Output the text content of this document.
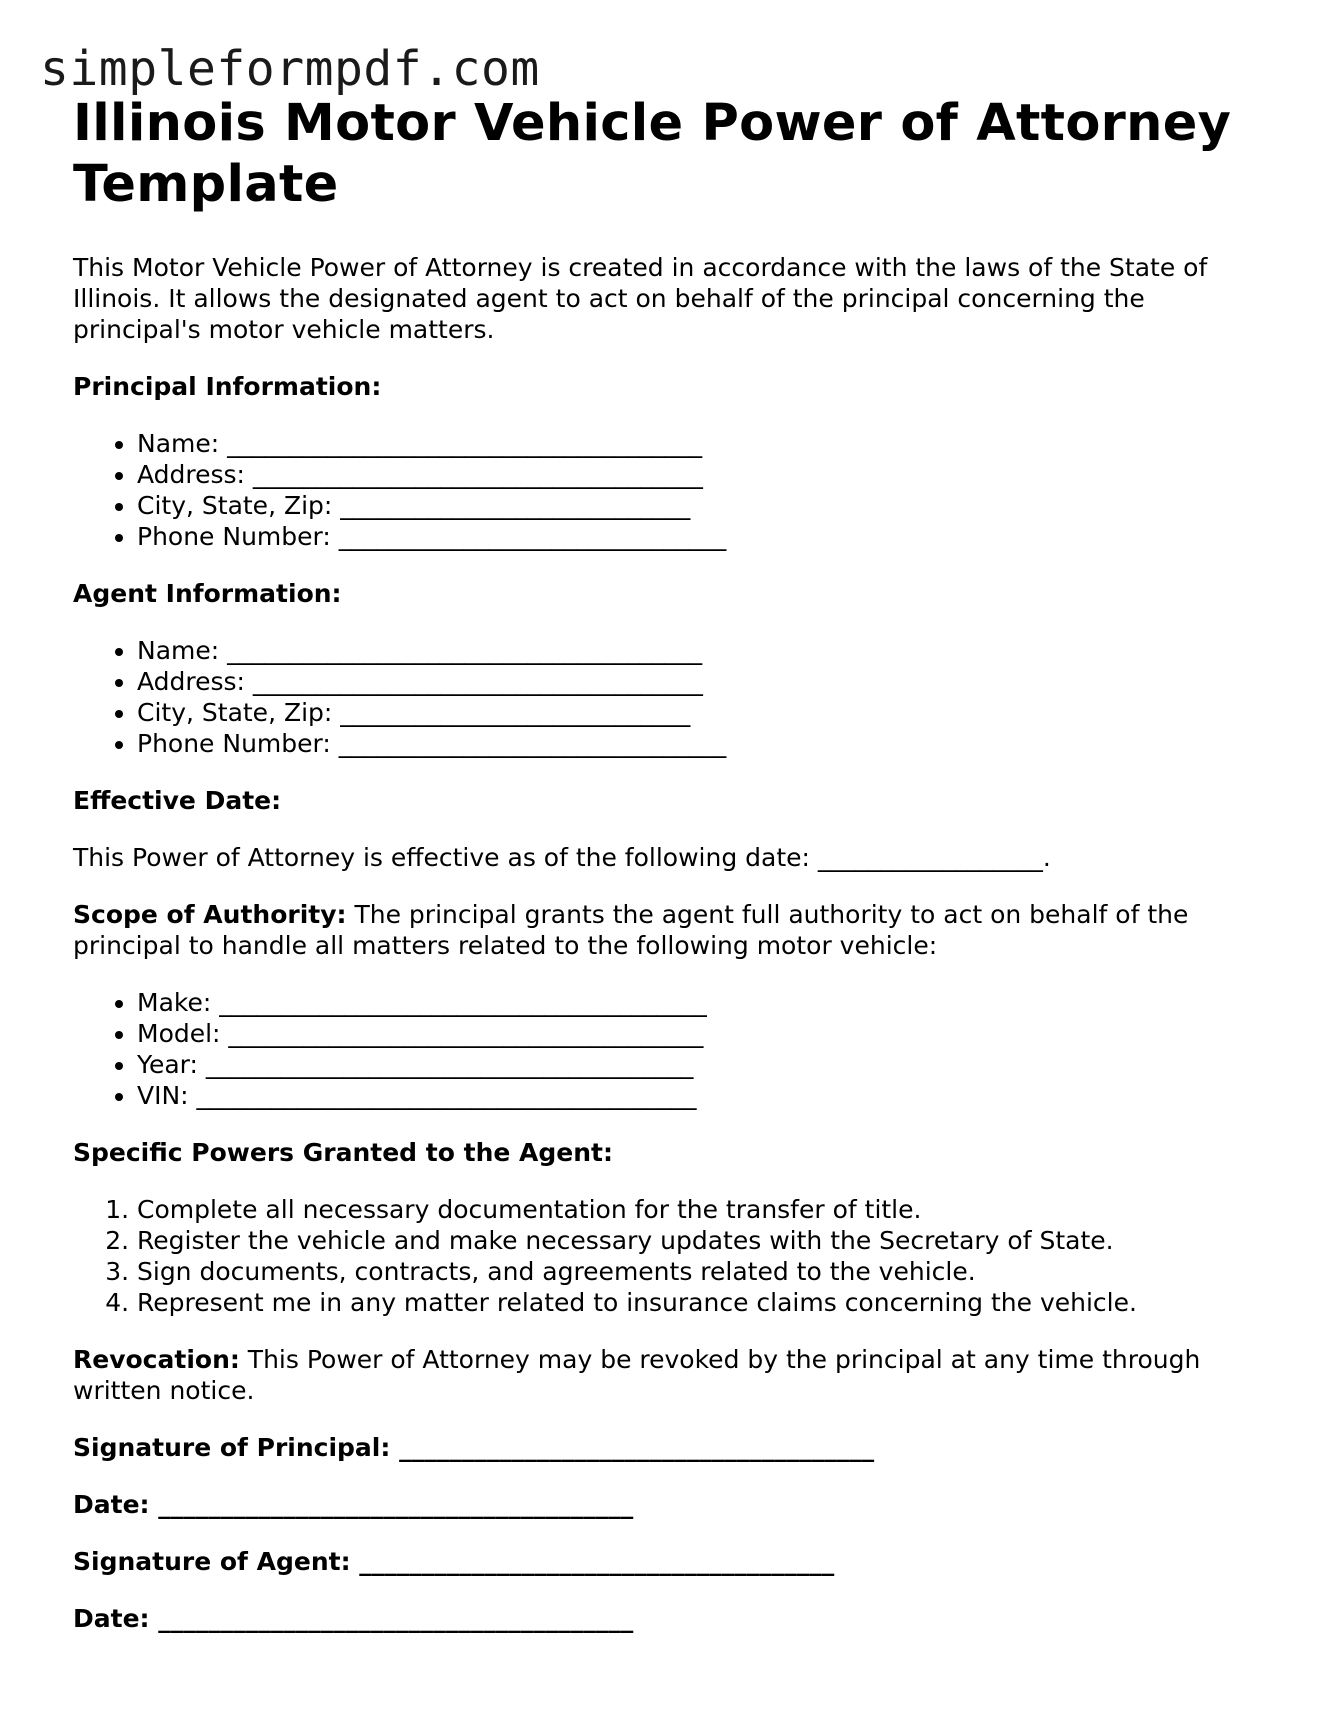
simpleformpdf.com
Illinois Motor Vehicle Power of Attorney Template

This Motor Vehicle Power of Attorney is created in accordance with the laws of the State of Illinois. It allows the designated agent to act on behalf of the principal concerning the principal's motor vehicle matters.

Principal Information:

• Name: ______________________________________
• Address: ____________________________________
• City, State, Zip: ____________________________
• Phone Number: _______________________________

Agent Information:

• Name: ______________________________________
• Address: ____________________________________
• City, State, Zip: ____________________________
• Phone Number: _______________________________

Effective Date:

This Power of Attorney is effective as of the following date: __________________.

Scope of Authority: The principal grants the agent full authority to act on behalf of the principal to handle all matters related to the following motor vehicle:

• Make: _______________________________________
• Model: ______________________________________
• Year: _______________________________________
• VIN: ________________________________________

Specific Powers Granted to the Agent:

1. Complete all necessary documentation for the transfer of title.
2. Register the vehicle and make necessary updates with the Secretary of State.
3. Sign documents, contracts, and agreements related to the vehicle.
4. Represent me in any matter related to insurance claims concerning the vehicle.

Revocation: This Power of Attorney may be revoked by the principal at any time through written notice.

Signature of Principal: ______________________________________

Date: ______________________________________

Signature of Agent: ______________________________________

Date: ______________________________________
